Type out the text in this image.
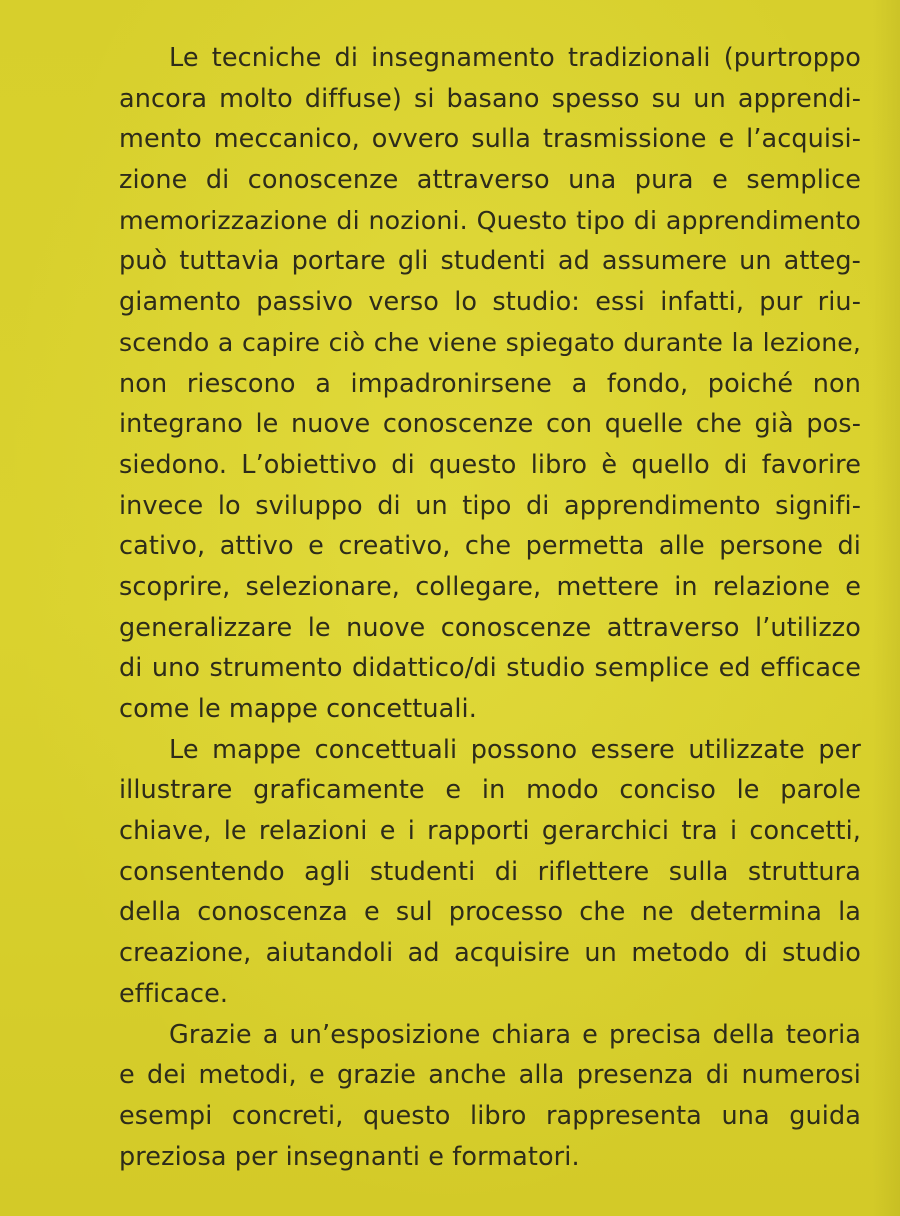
Le tecniche di insegnamento tradizionali (purtroppo
ancora molto diffuse) si basano spesso su un apprendi-
mento meccanico, ovvero sulla trasmissione e l’acquisi-
zione di conoscenze attraverso una pura e semplice
memorizzazione di nozioni. Questo tipo di apprendimento
può tuttavia portare gli studenti ad assumere un atteg-
giamento passivo verso lo studio: essi infatti, pur riu-
scendo a capire ciò che viene spiegato durante la lezione,
non riescono a impadronirsene a fondo, poiché non
integrano le nuove conoscenze con quelle che già pos-
siedono. L’obiettivo di questo libro è quello di favorire
invece lo sviluppo di un tipo di apprendimento signifi-
cativo, attivo e creativo, che permetta alle persone di
scoprire, selezionare, collegare, mettere in relazione e
generalizzare le nuove conoscenze attraverso l’utilizzo
di uno strumento didattico/di studio semplice ed efficace
come le mappe concettuali.
Le mappe concettuali possono essere utilizzate per
illustrare graficamente e in modo conciso le parole
chiave, le relazioni e i rapporti gerarchici tra i concetti,
consentendo agli studenti di riflettere sulla struttura
della conoscenza e sul processo che ne determina la
creazione, aiutandoli ad acquisire un metodo di studio
efficace.
Grazie a un’esposizione chiara e precisa della teoria
e dei metodi, e grazie anche alla presenza di numerosi
esempi concreti, questo libro rappresenta una guida
preziosa per insegnanti e formatori.
